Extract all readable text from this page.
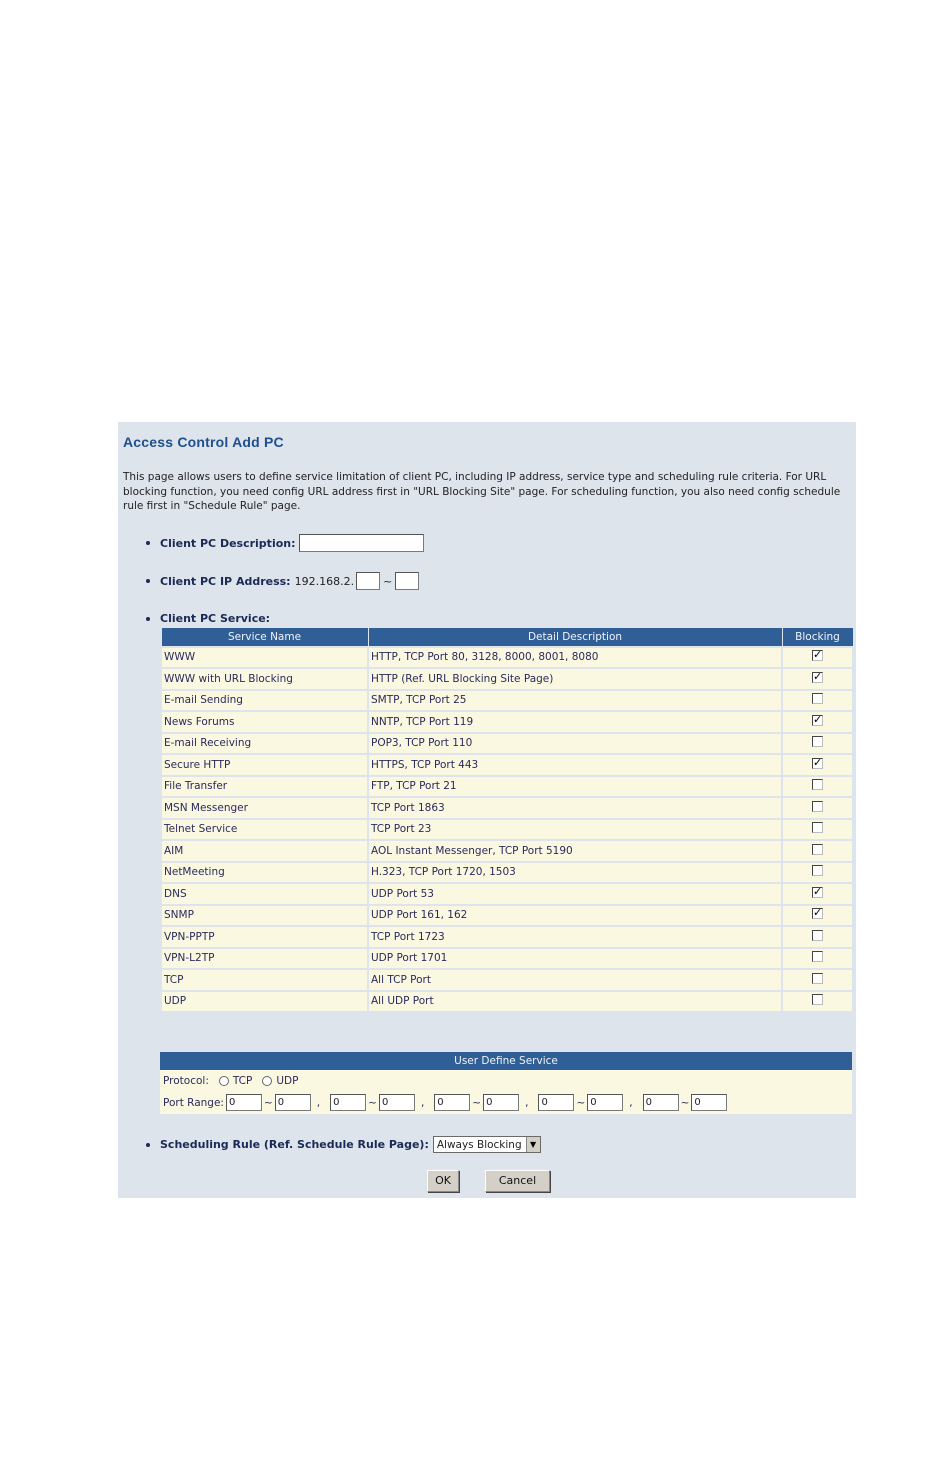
Access Control Add PC
This page allows users to define service limitation of client PC, including IP address, service type and scheduling rule criteria. For URL blocking function, you need config URL address first in "URL Blocking Site" page. For scheduling function, you also need config schedule rule first in "Schedule Rule" page.
Client PC Description:
Client PC IP Address: 192.168.2.	~
Client PC Service:
Service Name	Detail Description	Blocking
WWW	HTTP, TCP Port 80, 3128, 8000, 8001, 8080	✓

WWW with URL Blocking	HTTP (Ref. URL Blocking Site Page)	✓

E-mail Sending	SMTP, TCP Port 25	
News Forums	NNTP, TCP Port 119	✓

E-mail Receiving	POP3, TCP Port 110	
Secure HTTP	HTTPS, TCP Port 443	✓

File Transfer	FTP, TCP Port 21	
MSN Messenger	TCP Port 1863	
Telnet Service	TCP Port 23	
AIM	AOL Instant Messenger, TCP Port 5190	
NetMeeting	H.323, TCP Port 1720, 1503	
DNS	UDP Port 53	✓

SNMP	UDP Port 161, 162	✓

VPN-PPTP	TCP Port 1723	
VPN-L2TP	UDP Port 1701	
TCP	All TCP Port	
UDP	All UDP Port	
User Define Service
Protocol: TCP UDP
Port Range: 0	~ 0	,	0	~ 0	,	0	~ 0	,	0	~ 0	,	0	~ 0
Scheduling Rule (Ref. Schedule Rule Page): Always Blocking	▼
OK	Cancel
